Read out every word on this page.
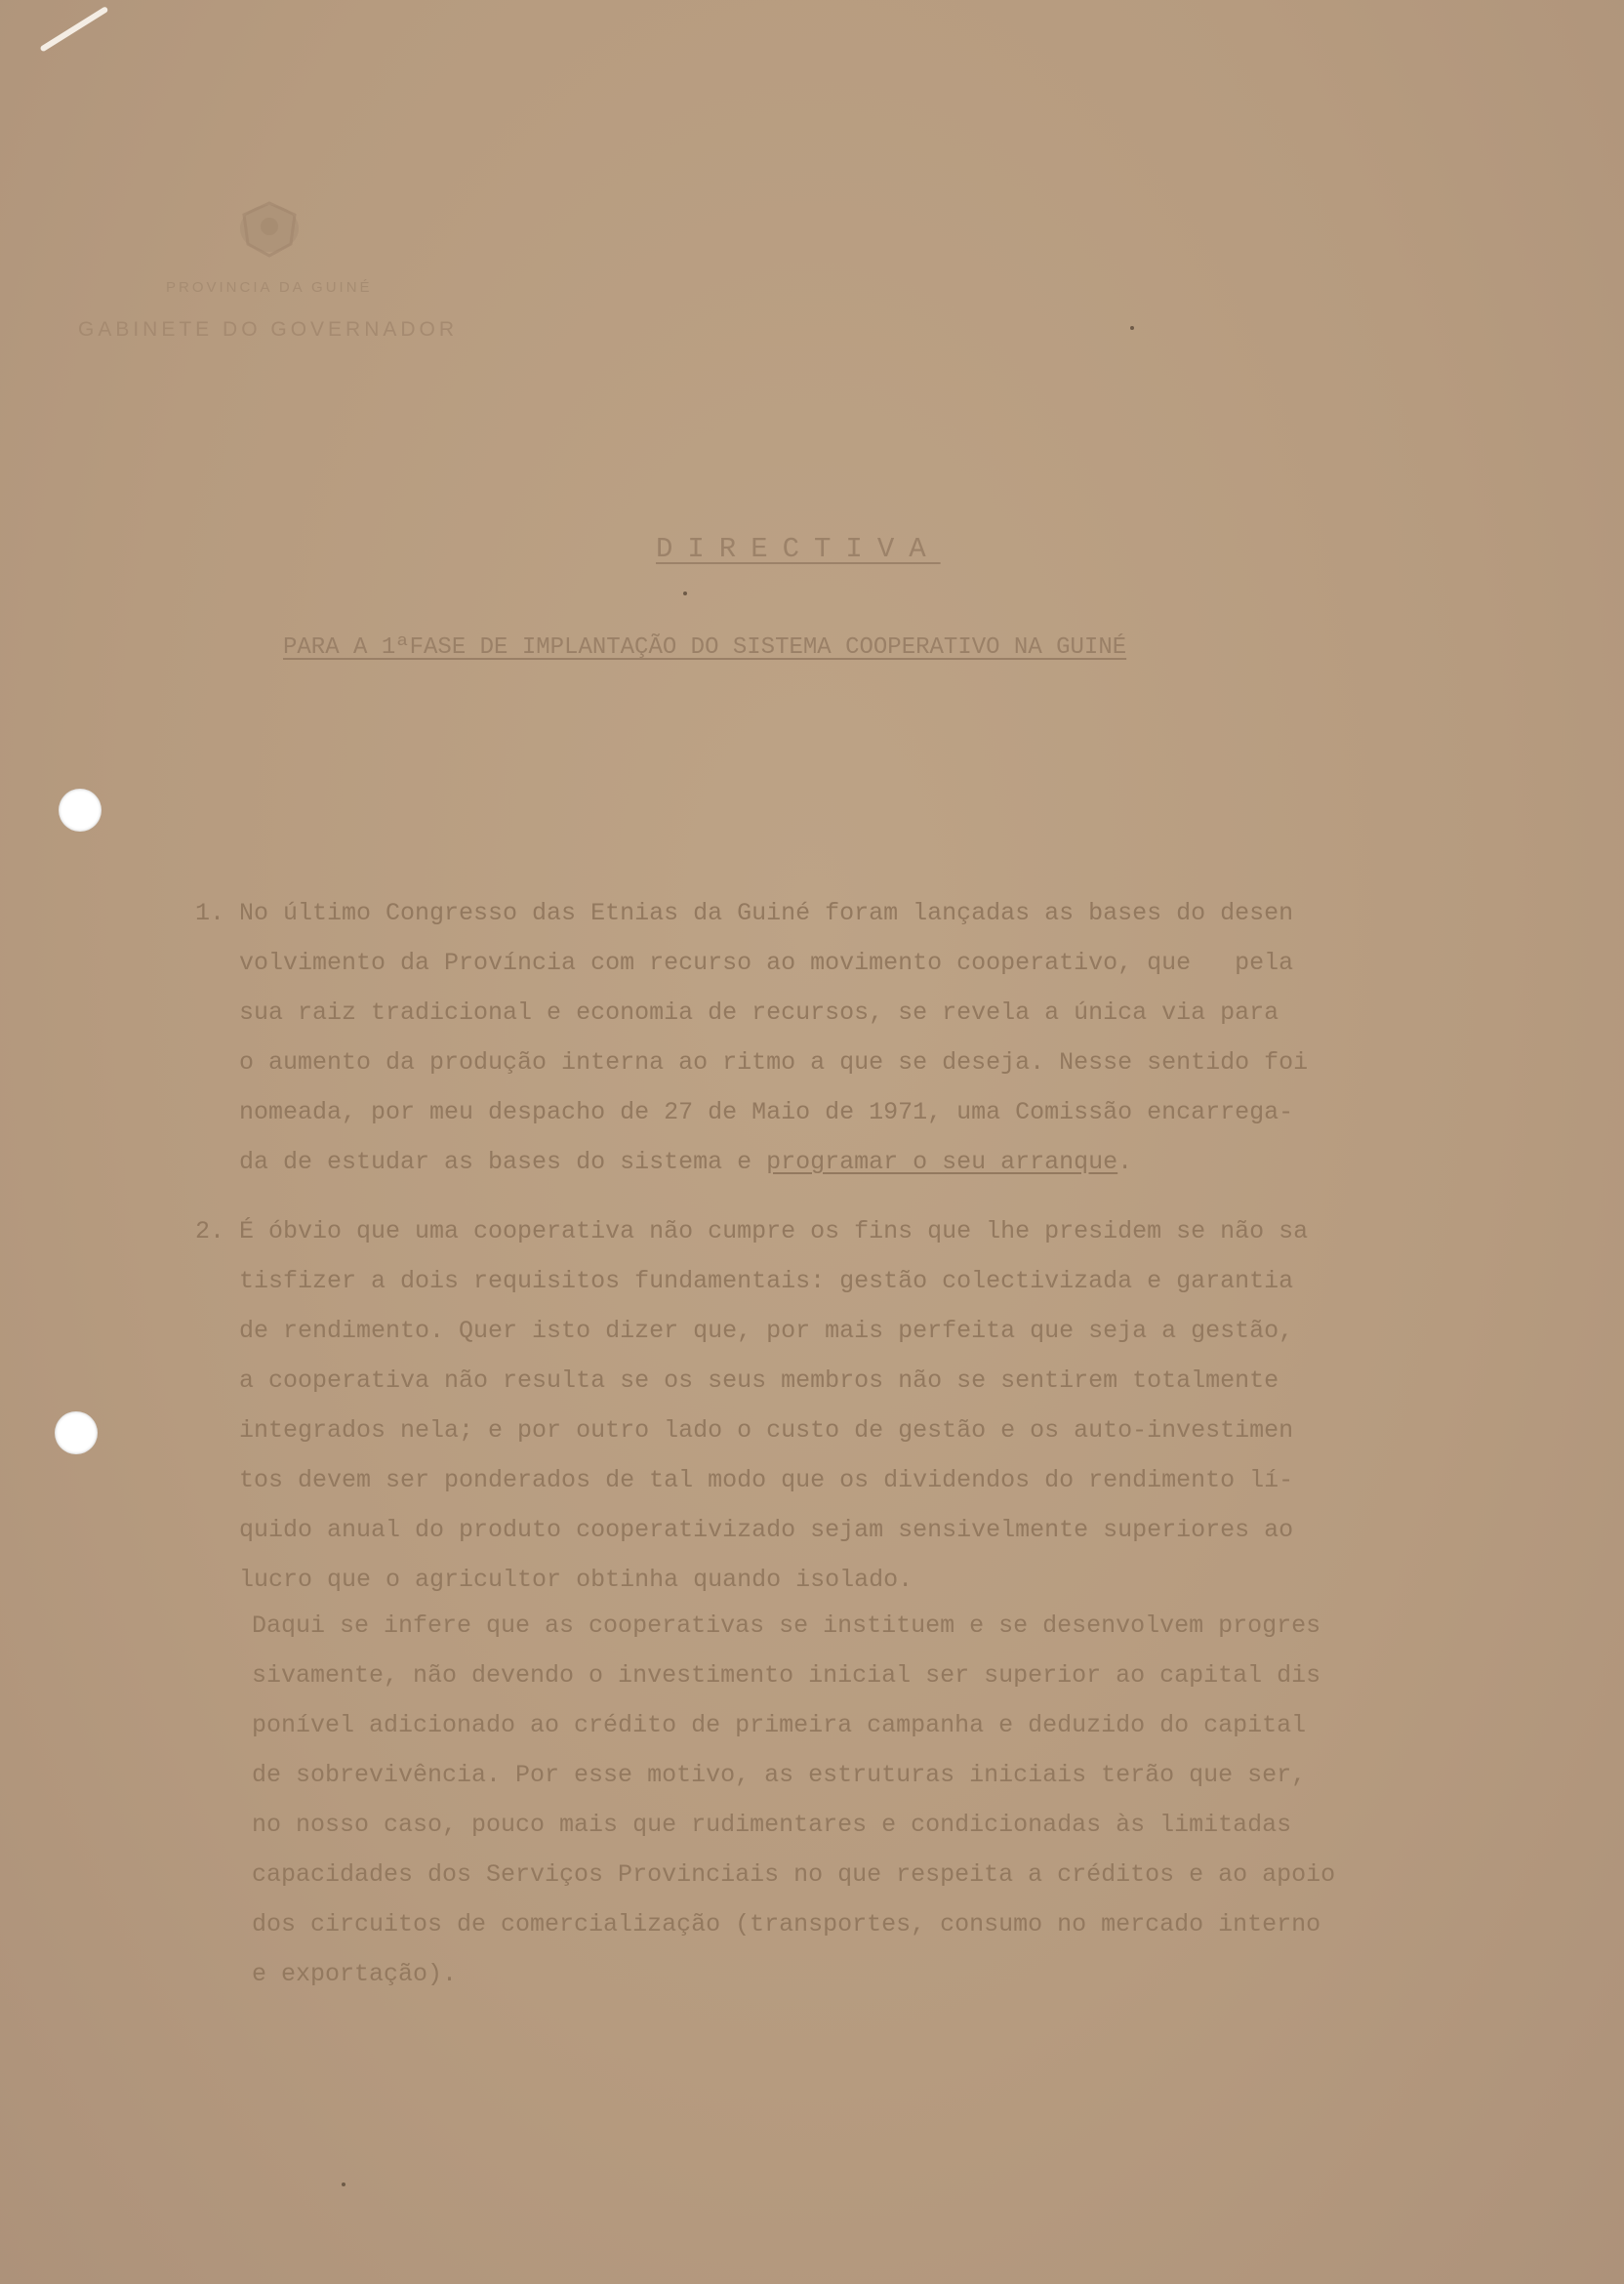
PROVINCIA DA GUINÉ
GABINETE DO GOVERNADOR
DIRECTIVA
PARA A 1ªFASE DE IMPLANTAÇÃO DO SISTEMA COOPERATIVO NA GUINÉ
1. No último Congresso das Etnias da Guiné foram lançadas as bases do desen
volvimento da Província com recurso ao movimento cooperativo, que   pela
sua raiz tradicional e economia de recursos, se revela a única via para
o aumento da produção interna ao ritmo a que se deseja. Nesse sentido foi
nomeada, por meu despacho de 27 de Maio de 1971, uma Comissão encarrega-
da de estudar as bases do sistema e programar o seu arranque.
2. É óbvio que uma cooperativa não cumpre os fins que lhe presidem se não sa
tisfizer a dois requisitos fundamentais: gestão colectivizada e garantia
de rendimento. Quer isto dizer que, por mais perfeita que seja a gestão,
a cooperativa não resulta se os seus membros não se sentirem totalmente
integrados nela; e por outro lado o custo de gestão e os auto-investimen
tos devem ser ponderados de tal modo que os dividendos do rendimento lí-
quido anual do produto cooperativizado sejam sensivelmente superiores ao
lucro que o agricultor obtinha quando isolado.
Daqui se infere que as cooperativas se instituem e se desenvolvem progres
sivamente, não devendo o investimento inicial ser superior ao capital dis
ponível adicionado ao crédito de primeira campanha e deduzido do capital
de sobrevivência. Por esse motivo, as estruturas iniciais terão que ser,
no nosso caso, pouco mais que rudimentares e condicionadas às limitadas
capacidades dos Serviços Provinciais no que respeita a créditos e ao apoio
dos circuitos de comercialização (transportes, consumo no mercado interno
e exportação).
